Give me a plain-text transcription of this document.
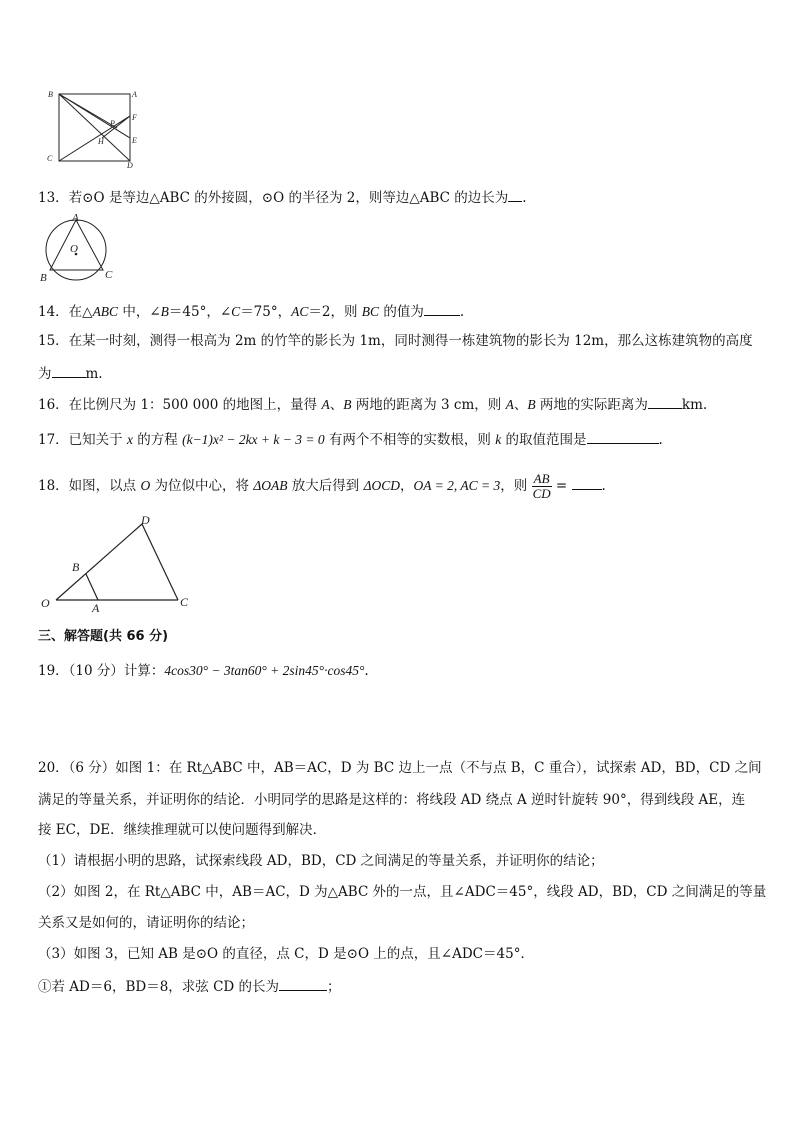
B	A
P
F
H	E
C
D
13．若⊙O 是等边△ABC 的外接圆，⊙O 的半径为 2，则等边△ABC 的边长为 .
A
O
B	C
14．在△ABC 中，∠B＝45°，∠C＝75°，AC＝2，则 BC 的值为	.
15．在某一时刻，测得一根高为 2m 的竹竿的影长为 1m，同时测得一栋建筑物的影长为 12m，那么这栋建筑物的高度
为	m.
16．在比例尺为 1：500 000 的地图上，量得 A、B 两地的距离为 3 cm，则 A、B 两地的实际距离为	km.
17．已知关于 x 的方程 (k−1)x² − 2kx + k − 3 = 0 有两个不相等的实数根，则 k 的取值范围是	.
18．如图，以点 O 为位似中心，将 ΔOAB 放大后得到 ΔOCD，OA = 2, AC = 3，则 $\frac{AB}{CD}$ = .
D
B
O	A	C
三、解答题(共 66 分)
19．（10 分）计算：4cos30° − 3tan60° + 2sin45°·cos45°.
20．（6 分）如图 1：在 Rt△ABC 中，AB＝AC，D 为 BC 边上一点（不与点 B，C 重合），试探索 AD，BD，CD 之间
满足的等量关系，并证明你的结论．小明同学的思路是这样的：将线段 AD 绕点 A 逆时针旋转 90°，得到线段 AE，连
接 EC，DE．继续推理就可以使问题得到解决．
（1）请根据小明的思路，试探索线段 AD，BD，CD 之间满足的等量关系，并证明你的结论；
（2）如图 2，在 Rt△ABC 中，AB＝AC，D 为△ABC 外的一点，且∠ADC＝45°，线段 AD，BD，CD 之间满足的等量
关系又是如何的，请证明你的结论；
（3）如图 3，已知 AB 是⊙O 的直径，点 C，D 是⊙O 上的点，且∠ADC＝45°．
①若 AD＝6，BD＝8，求弦 CD 的长为	；
